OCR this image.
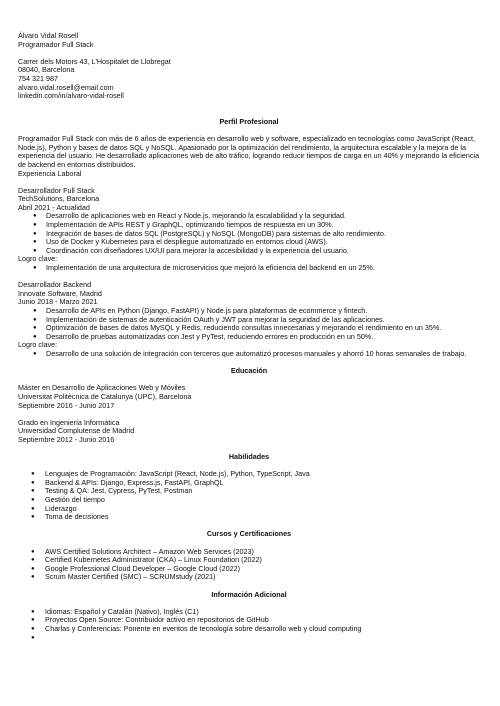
Álvaro Vidal Rosell
Programador Full Stack
Carrer dels Motors 43, L'Hospitalet de Llobregat
08040, Barcelona
754 321 987
alvaro.vidal.rosell@email.com
linkedin.com/in/alvaro-vidal-rosell

Perfil Profesional

Programador Full Stack con más de 6 años de experiencia en desarrollo web y software, especializado en tecnologías como JavaScript (React, Node.js), Python y bases de datos SQL y NoSQL. Apasionado por la optimización del rendimiento, la arquitectura escalable y la mejora de la experiencia del usuario. He desarrollado aplicaciones web de alto tráfico, logrando reducir tiempos de carga en un 40% y mejorando la eficiencia de backend en entornos distribuidos.
Experiencia Laboral
Desarrollador Full Stack
TechSolutions, Barcelona
Abril 2021 - Actualidad
● Desarrollo de aplicaciones web en React y Node.js, mejorando la escalabilidad y la seguridad.
● Implementación de APIs REST y GraphQL, optimizando tiempos de respuesta en un 30%.
● Integración de bases de datos SQL (PostgreSQL) y NoSQL (MongoDB) para sistemas de alto rendimiento.
● Uso de Docker y Kubernetes para el despliegue automatizado en entornos cloud (AWS).
● Coordinación con diseñadores UX/UI para mejorar la accesibilidad y la experiencia del usuario.
Logro clave:
● Implementación de una arquitectura de microservicios que mejoró la eficiencia del backend en un 25%.
Desarrollador Backend
Innovate Software, Madrid
Junio 2018 - Marzo 2021
● Desarrollo de APIs en Python (Django, FastAPI) y Node.js para plataformas de ecommerce y fintech.
● Implementación de sistemas de autenticación OAuth y JWT para mejorar la seguridad de las aplicaciones.
● Optimización de bases de datos MySQL y Redis, reduciendo consultas innecesarias y mejorando el rendimiento en un 35%.
● Desarrollo de pruebas automatizadas con Jest y PyTest, reduciendo errores en producción en un 50%.
Logro clave:
● Desarrollo de una solución de integración con terceros que automatizó procesos manuales y ahorró 10 horas semanales de trabajo.

Educación

Máster en Desarrollo de Aplicaciones Web y Móviles
Universitat Politècnica de Catalunya (UPC), Barcelona
Septiembre 2016 - Junio 2017
Grado en Ingeniería Informática
Universidad Complutense de Madrid
Septiembre 2012 - Junio 2016

Habilidades

● Lenguajes de Programación: JavaScript (React, Node.js), Python, TypeScript, Java
● Backend & APIs: Django, Express.js, FastAPI, GraphQL
● Testing & QA: Jest, Cypress, PyTest, Postman
● Gestión del tiempo
● Liderazgo
● Toma de decisiones

Cursos y Certificaciones

● AWS Certified Solutions Architect – Amazon Web Services (2023)
● Certified Kubernetes Administrator (CKA) – Linux Foundation (2022)
● Google Professional Cloud Developer – Google Cloud (2022)
● Scrum Master Certified (SMC) – SCRUMstudy (2021)

Información Adicional

● Idiomas: Español y Catalán (Nativo), Inglés (C1)
● Proyectos Open Source: Contribuidor activo en repositorios de GitHub
● Charlas y Conferencias: Ponente en eventos de tecnología sobre desarrollo web y cloud computing
